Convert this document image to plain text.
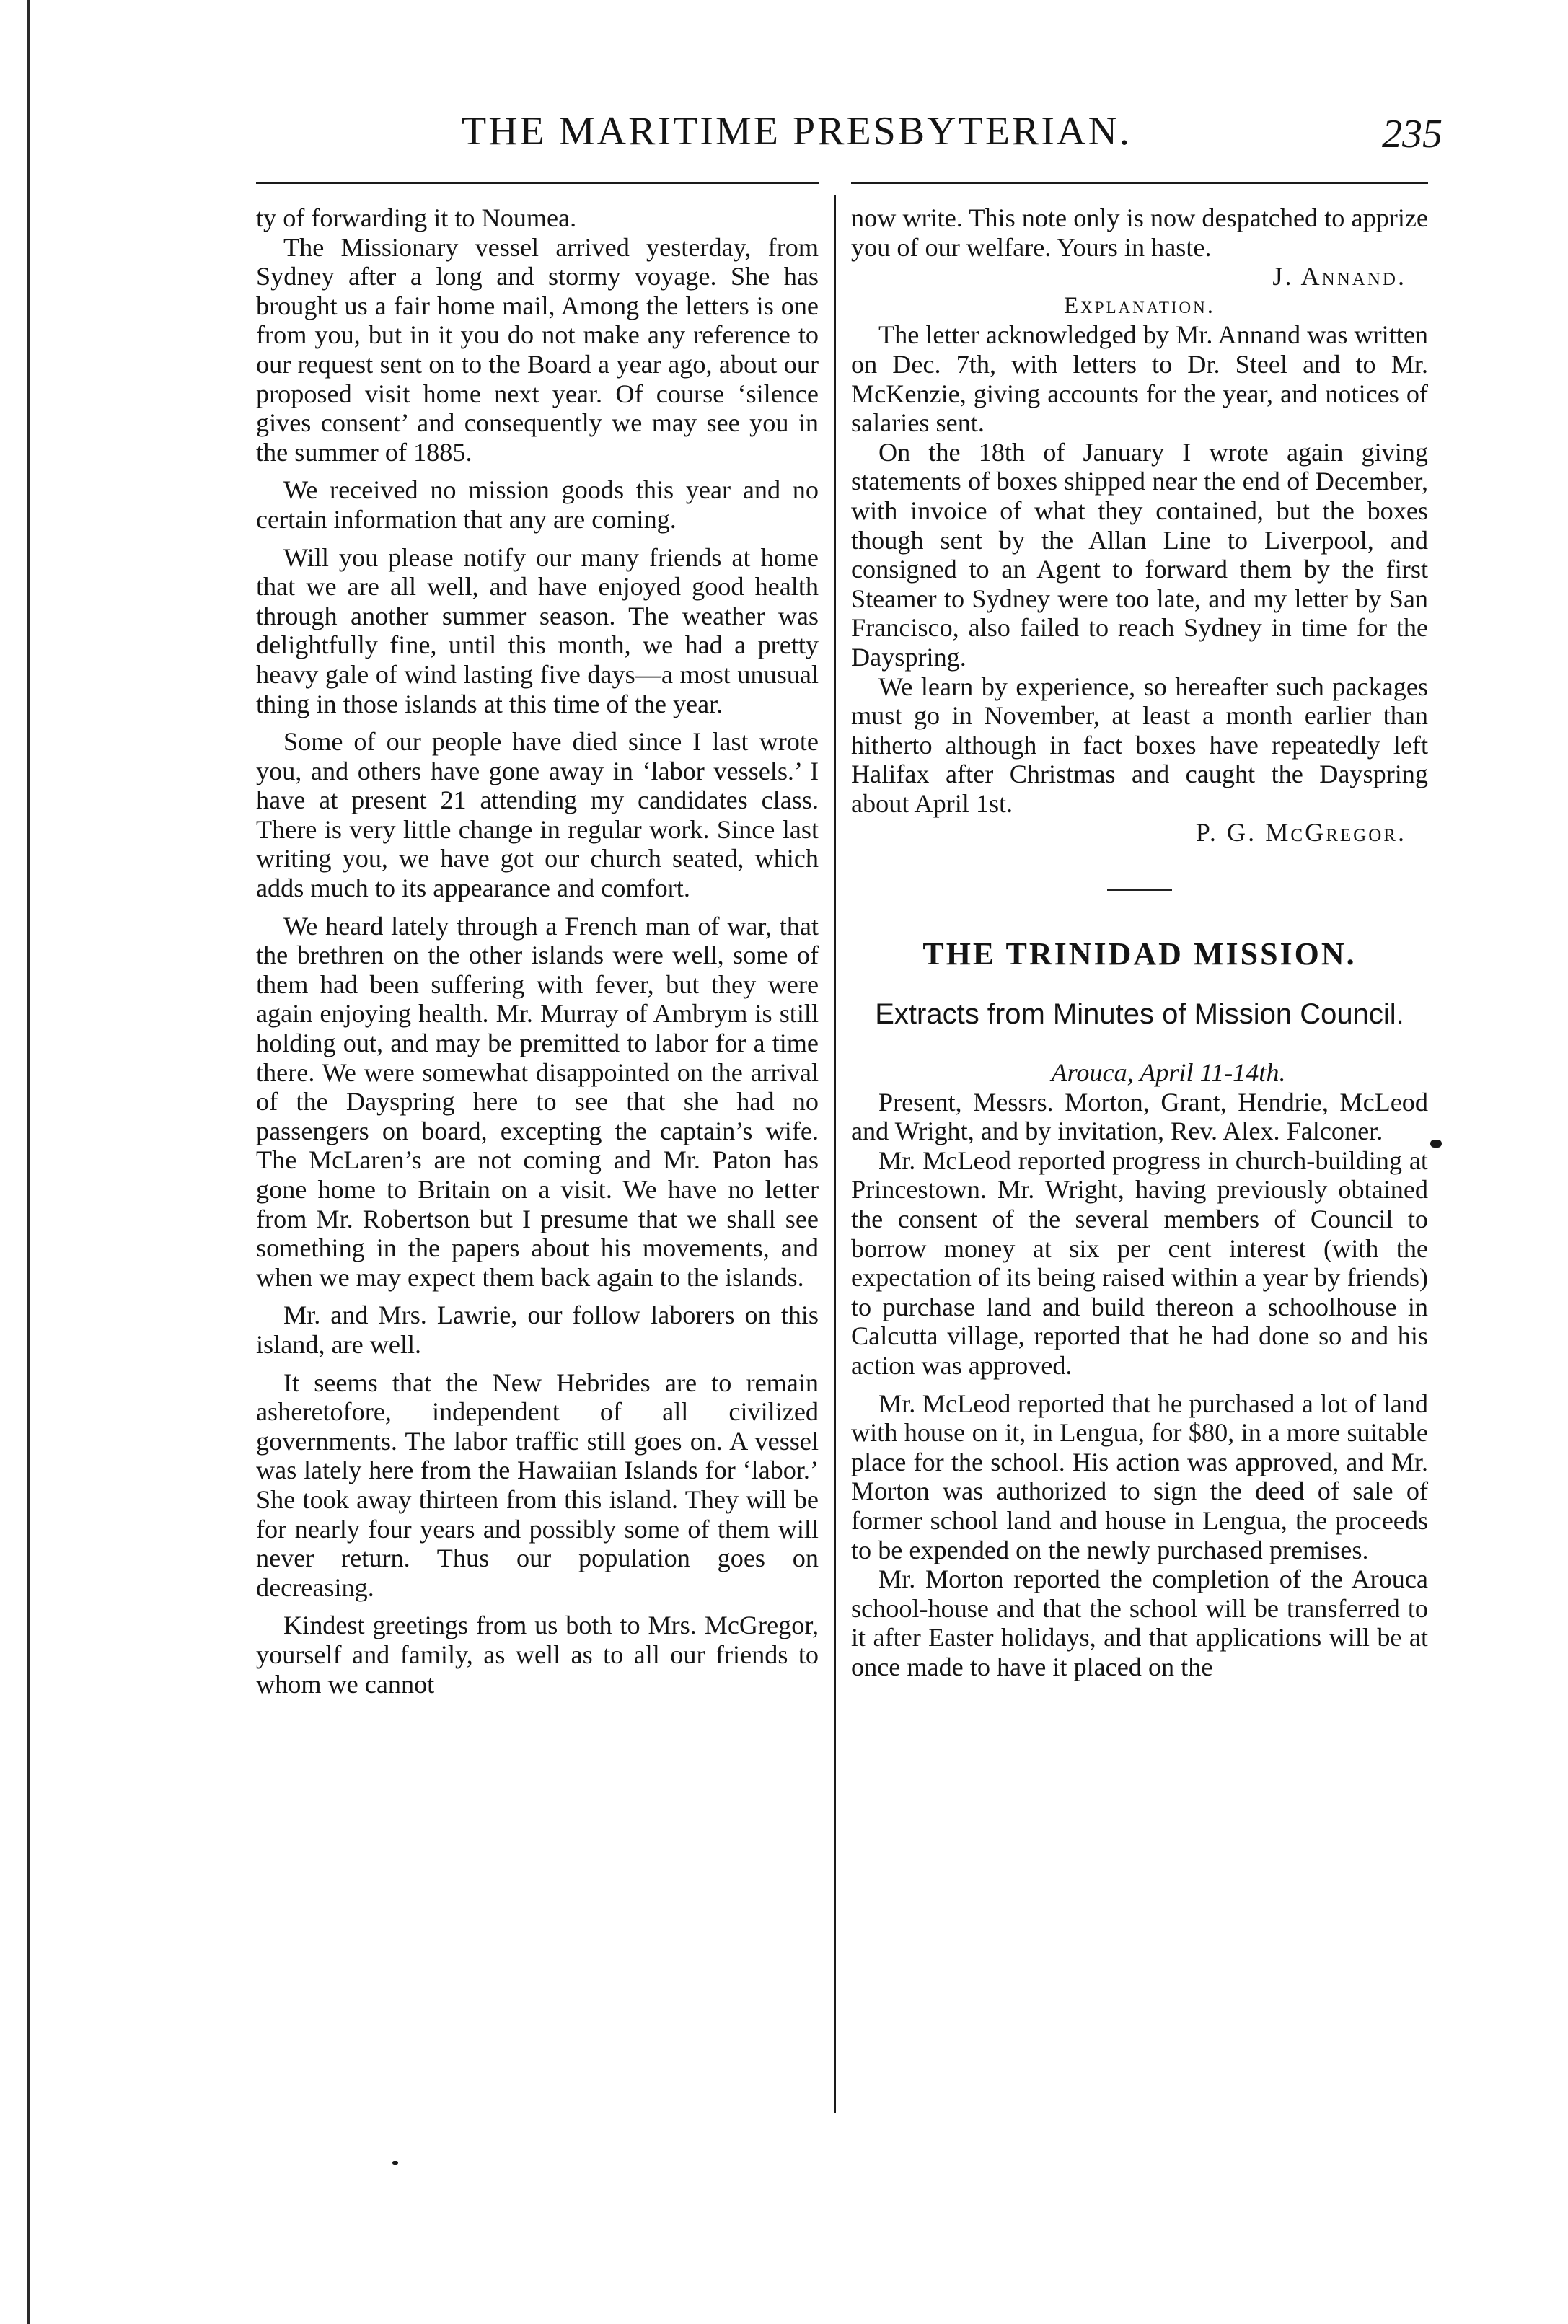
THE MARITIME PRESBYTERIAN.	235

ty of forwarding it to Noumea.

The Missionary vessel arrived yesterday, from Sydney after a long and stormy voyage. She has brought us a fair home mail, Among the letters is one from you, but in it you do not make any reference to our request sent on to the Board a year ago, about our proposed visit home next year. Of course ‘silence gives consent’ and consequently we may see you in the summer of 1885.

We received no mission goods this year and no certain information that any are coming.

Will you please notify our many friends at home that we are all well, and have enjoyed good health through another summer season. The weather was delightfully fine, until this month, we had a pretty heavy gale of wind lasting five days—a most unusual thing in those islands at this time of the year.

Some of our people have died since I last wrote you, and others have gone away in ‘labor vessels.’ I have at present 21 attending my candidates class. There is very little change in regular work. Since last writing you, we have got our church seated, which adds much to its appearance and comfort.

We heard lately through a French man of war, that the brethren on the other islands were well, some of them had been suffering with fever, but they were again enjoying health. Mr. Murray of Ambrym is still holding out, and may be premitted to labor for a time there. We were somewhat disappointed on the arrival of the Dayspring here to see that she had no passengers on board, excepting the captain’s wife. The McLaren’s are not coming and Mr. Paton has gone home to Britain on a visit. We have no letter from Mr. Robertson but I presume that we shall see something in the papers about his movements, and when we may expect them back again to the islands.

Mr. and Mrs. Lawrie, our follow laborers on this island, are well.

It seems that the New Hebrides are to remain asheretofore, independent of all civilized governments. The labor traffic still goes on. A vessel was lately here from the Hawaiian Islands for ‘labor.’ She took away thirteen from this island. They will be for nearly four years and possibly some of them will never return. Thus our population goes on decreasing.

Kindest greetings from us both to Mrs. McGregor, yourself and family, as well as to all our friends to whom we cannot

now write. This note only is now despatched to apprize you of our welfare. Yours in haste.

J. Annand.
Explanation.

The letter acknowledged by Mr. Annand was written on Dec. 7th, with letters to Dr. Steel and to Mr. McKenzie, giving accounts for the year, and notices of salaries sent.

On the 18th of January I wrote again giving statements of boxes shipped near the end of December, with invoice of what they contained, but the boxes though sent by the Allan Line to Liverpool, and consigned to an Agent to forward them by the first Steamer to Sydney were too late, and my letter by San Francisco, also failed to reach Sydney in time for the Dayspring.

We learn by experience, so hereafter such packages must go in November, at least a month earlier than hitherto although in fact boxes have repeatedly left Halifax after Christmas and caught the Dayspring about April 1st.

P. G. McGregor.
THE TRINIDAD MISSION.
Extracts from Minutes of Mission Council.
Arouca, April 11-14th.

Present, Messrs. Morton, Grant, Hendrie, McLeod and Wright, and by invitation, Rev. Alex. Falconer.

Mr. McLeod reported progress in church-building at Princestown. Mr. Wright, having previously obtained the consent of the several members of Council to borrow money at six per cent interest (with the expectation of its being raised within a year by friends) to purchase land and build thereon a schoolhouse in Calcutta village, reported that he had done so and his action was approved.

Mr. McLeod reported that he purchased a lot of land with house on it, in Lengua, for $80, in a more suitable place for the school. His action was approved, and Mr. Morton was authorized to sign the deed of sale of former school land and house in Lengua, the proceeds to be expended on the newly purchased premises.

Mr. Morton reported the completion of the Arouca school-house and that the school will be transferred to it after Easter holidays, and that applications will be at once made to have it placed on the
